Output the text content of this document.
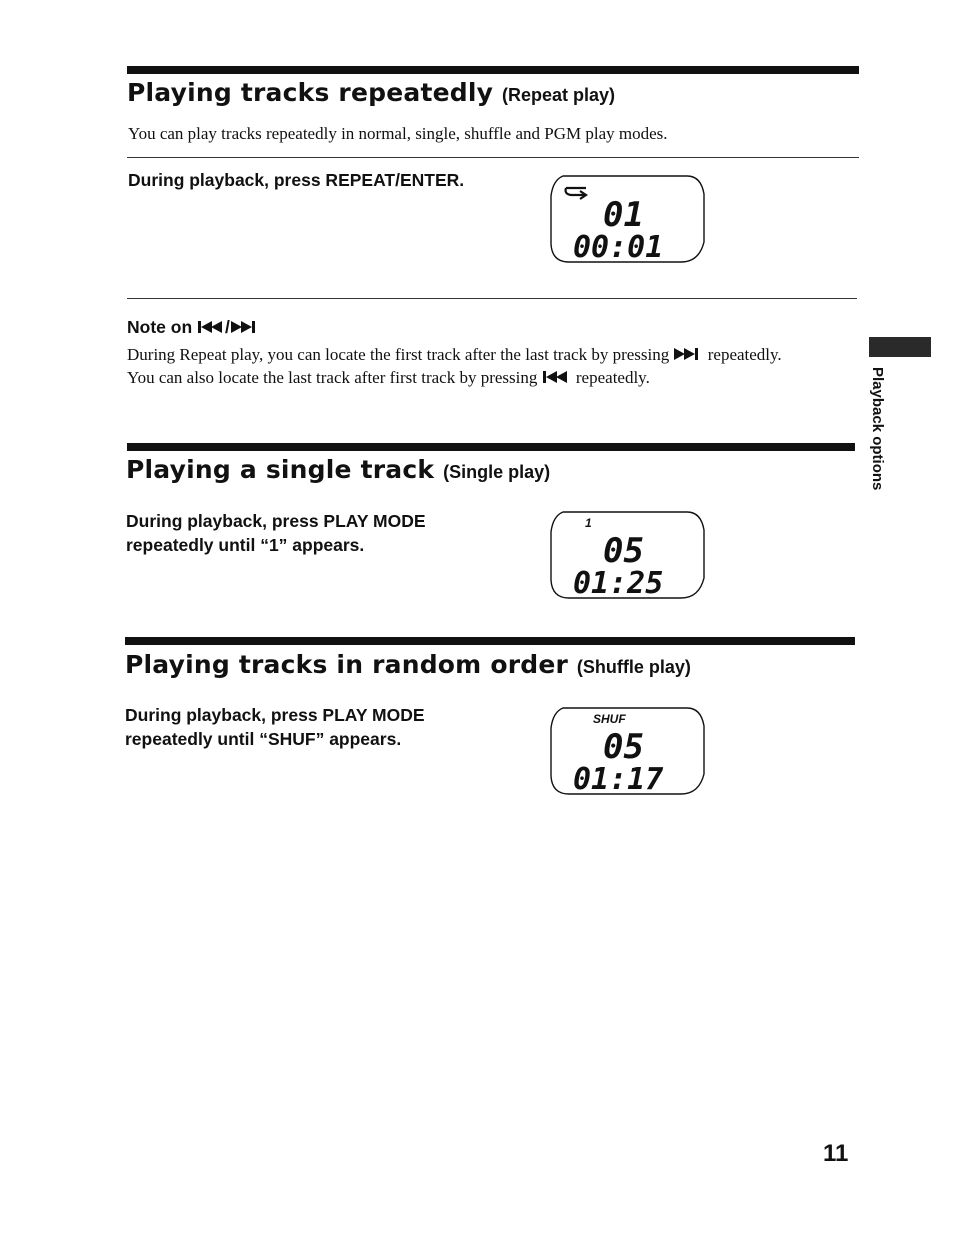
Playing tracks repeatedly (Repeat play)
You can play tracks repeatedly in normal, single, shuffle and PGM play modes.
During playback, press REPEAT/ENTER.
01
00:01
Note on /
During Repeat play, you can locate the first track after the last track by pressing repeatedly.
You can also locate the last track after first track by pressing repeatedly.	Playback options
Playing a single track (Single play)
During playback, press PLAY MODE
repeatedly until “1” appears.
1
05
01:25
Playing tracks in random order (Shuffle play)
During playback, press PLAY MODE
repeatedly until “SHUF” appears.
SHUF
05
01:17
11
